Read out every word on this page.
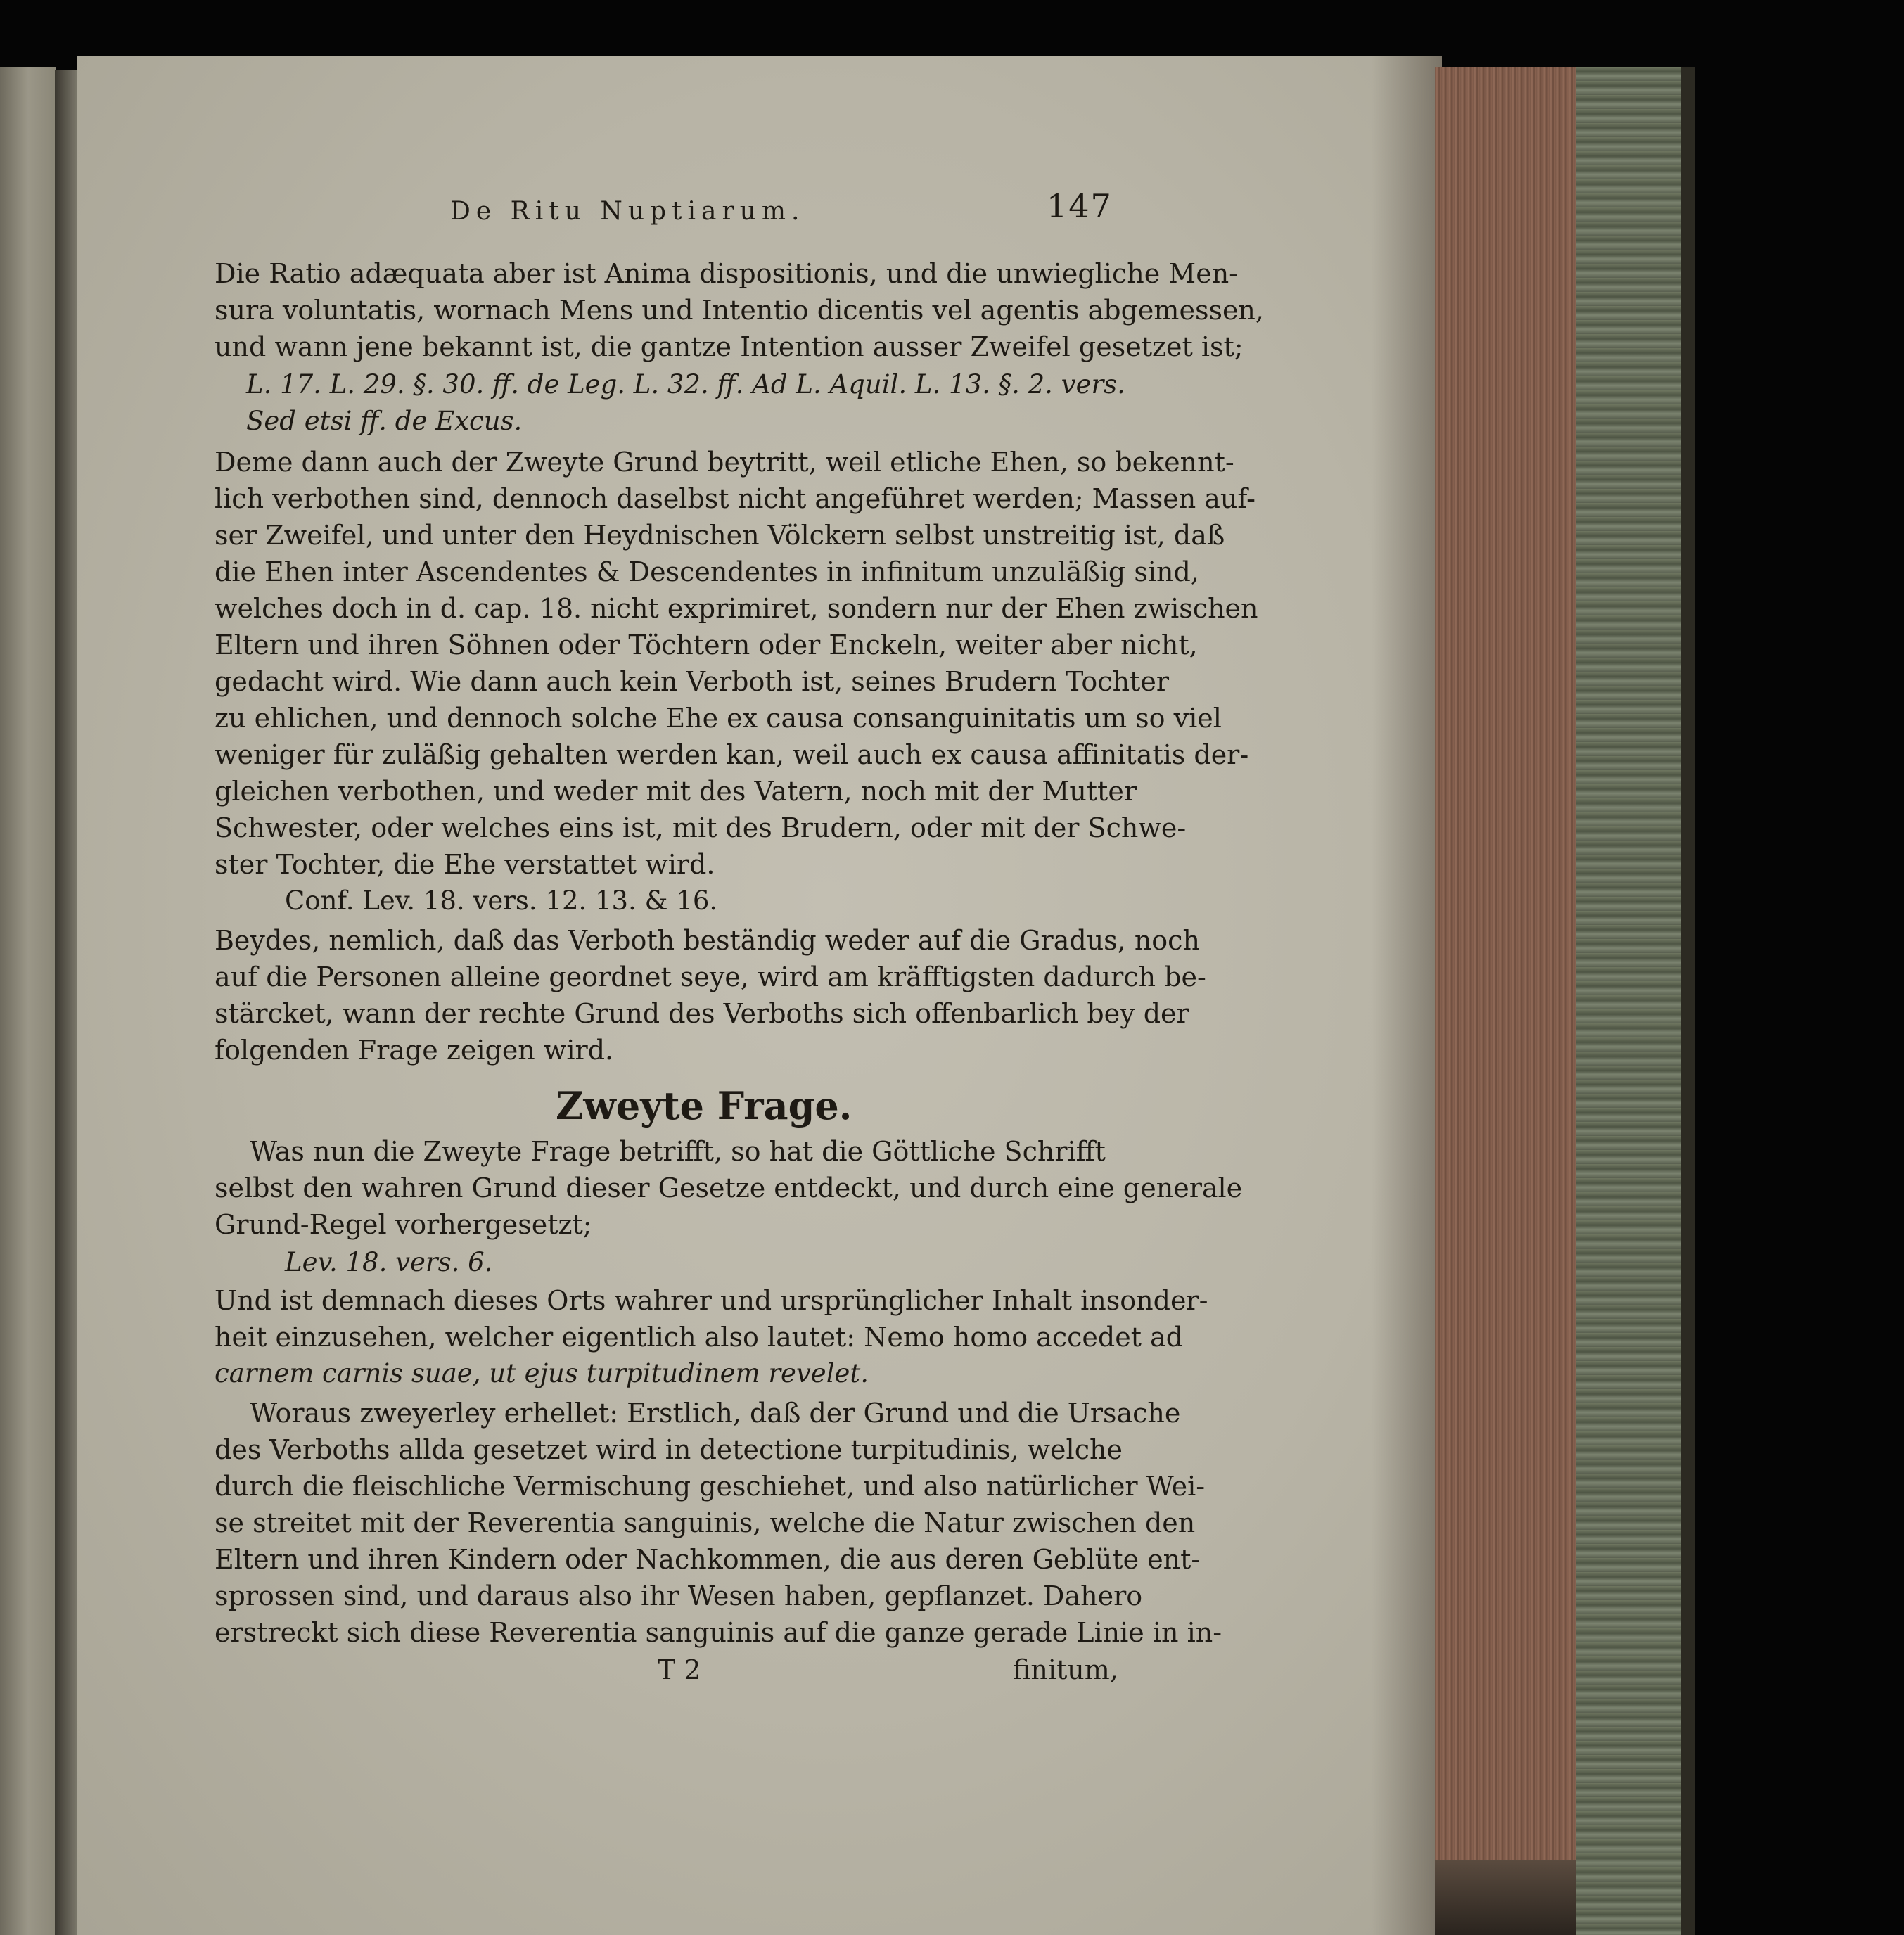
De Ritu Nuptiarum.	147
Die Ratio adæquata aber ist Anima dispositionis, und die unwiegliche Men-
sura voluntatis, wornach Mens und Intentio dicentis vel agentis abgemessen,
und wann jene bekannt ist, die gantze Intention ausser Zweifel gesetzet ist;
L. 17. L. 29. §. 30. ff. de Leg. L. 32. ff. Ad L. Aquil. L. 13. §. 2. vers.
Sed etsi ff. de Excus.
Deme dann auch der Zweyte Grund beytritt, weil etliche Ehen, so bekennt-
lich verbothen sind, dennoch daselbst nicht angeführet werden; Massen auf-
ser Zweifel, und unter den Heydnischen Völckern selbst unstreitig ist, daß
die Ehen inter Ascendentes & Descendentes in infinitum unzuläßig sind,
welches doch in d. cap. 18. nicht exprimiret, sondern nur der Ehen zwischen
Eltern und ihren Söhnen oder Töchtern oder Enckeln, weiter aber nicht,
gedacht wird. Wie dann auch kein Verboth ist, seines Brudern Tochter
zu ehlichen, und dennoch solche Ehe ex causa consanguinitatis um so viel
weniger für zuläßig gehalten werden kan, weil auch ex causa affinitatis der-
gleichen verbothen, und weder mit des Vatern, noch mit der Mutter
Schwester, oder welches eins ist, mit des Brudern, oder mit der Schwe-
ster Tochter, die Ehe verstattet wird.
Conf. Lev. 18. vers. 12. 13. & 16.
Beydes, nemlich, daß das Verboth beständig weder auf die Gradus, noch
auf die Personen alleine geordnet seye, wird am kräfftigsten dadurch be-
stärcket, wann der rechte Grund des Verboths sich offenbarlich bey der
folgenden Frage zeigen wird.
Zweyte Frage.
Was nun die Zweyte Frage betrifft, so hat die Göttliche Schrifft
selbst den wahren Grund dieser Gesetze entdeckt, und durch eine generale
Grund-Regel vorhergesetzt;
Lev. 18. vers. 6.
Und ist demnach dieses Orts wahrer und ursprünglicher Inhalt insonder-
heit einzusehen, welcher eigentlich also lautet: Nemo homo accedet ad
carnem carnis suae, ut ejus turpitudinem revelet.
Woraus zweyerley erhellet: Erstlich, daß der Grund und die Ursache
des Verboths allda gesetzet wird in detectione turpitudinis, welche
durch die fleischliche Vermischung geschiehet, und also natürlicher Wei-
se streitet mit der Reverentia sanguinis, welche die Natur zwischen den
Eltern und ihren Kindern oder Nachkommen, die aus deren Geblüte ent-
sprossen sind, und daraus also ihr Wesen haben, gepflanzet. Dahero
erstreckt sich diese Reverentia sanguinis auf die ganze gerade Linie in in-
T 2	finitum,
